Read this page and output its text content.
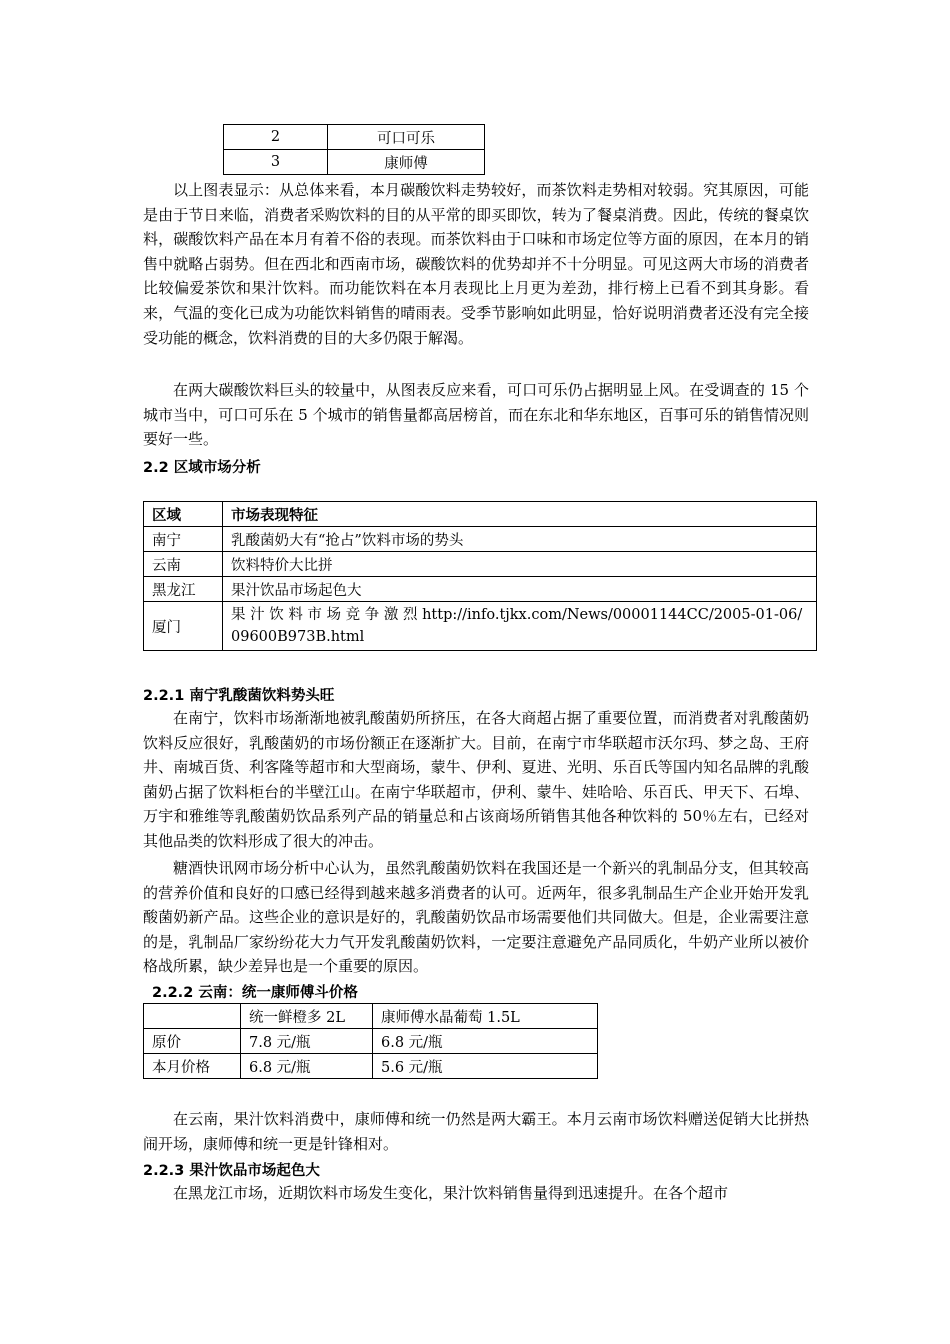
2	可口可乐
3	康师傅

以上图表显示：从总体来看，本月碳酸饮料走势较好，而茶饮料走势相对较弱。究其原因，可能是由于节日来临，消费者采购饮料的目的从平常的即买即饮，转为了餐桌消费。因此，传统的餐桌饮料，碳酸饮料产品在本月有着不俗的表现。而茶饮料由于口味和市场定位等方面的原因，在本月的销售中就略占弱势。但在西北和西南市场，碳酸饮料的优势却并不十分明显。可见这两大市场的消费者比较偏爱茶饮和果汁饮料。而功能饮料在本月表现比上月更为差劲，排行榜上已看不到其身影。看来，气温的变化已成为功能饮料销售的晴雨表。受季节影响如此明显，恰好说明消费者还没有完全接受功能的概念，饮料消费的目的大多仍限于解渴。

在两大碳酸饮料巨头的较量中，从图表反应来看，可口可乐仍占据明显上风。在受调查的 15 个城市当中，可口可乐在 5 个城市的销售量都高居榜首，而在东北和华东地区，百事可乐的销售情况则要好一些。

2.2 区域市场分析

区域	市场表现特征
南宁	乳酸菌奶大有“抢占”饮料市场的势头
云南	饮料特价大比拼
黑龙江	果汁饮品市场起色大
厦门	果 汁 饮 料 市 场 竞 争 激 烈 http://info.tjkx.com/News/00001144CC/2005-01-06/09600B973B.html

2.2.1 南宁乳酸菌饮料势头旺

在南宁，饮料市场渐渐地被乳酸菌奶所挤压，在各大商超占据了重要位置，而消费者对乳酸菌奶饮料反应很好，乳酸菌奶的市场份额正在逐渐扩大。目前，在南宁市华联超市沃尔玛、梦之岛、王府井、南城百货、利客隆等超市和大型商场，蒙牛、伊利、夏进、光明、乐百氏等国内知名品牌的乳酸菌奶占据了饮料柜台的半壁江山。在南宁华联超市，伊利、蒙牛、娃哈哈、乐百氏、甲天下、石埠、万宇和雅维等乳酸菌奶饮品系列产品的销量总和占该商场所销售其他各种饮料的 50％左右，已经对其他品类的饮料形成了很大的冲击。

糖酒快讯网市场分析中心认为，虽然乳酸菌奶饮料在我国还是一个新兴的乳制品分支，但其较高的营养价值和良好的口感已经得到越来越多消费者的认可。近两年，很多乳制品生产企业开始开发乳酸菌奶新产品。这些企业的意识是好的，乳酸菌奶饮品市场需要他们共同做大。但是，企业需要注意的是，乳制品厂家纷纷花大力气开发乳酸菌奶饮料，一定要注意避免产品同质化，牛奶产业所以被价格战所累，缺少差异也是一个重要的原因。

2.2.2 云南：统一康师傅斗价格

	统一鲜橙多 2L	康师傅水晶葡萄 1.5L
原价	7.8 元/瓶	6.8 元/瓶
本月价格	6.8 元/瓶	5.6 元/瓶

在云南，果汁饮料消费中，康师傅和统一仍然是两大霸王。本月云南市场饮料赠送促销大比拼热闹开场，康师傅和统一更是针锋相对。

2.2.3 果汁饮品市场起色大

在黑龙江市场，近期饮料市场发生变化，果汁饮料销售量得到迅速提升。在各个超市
